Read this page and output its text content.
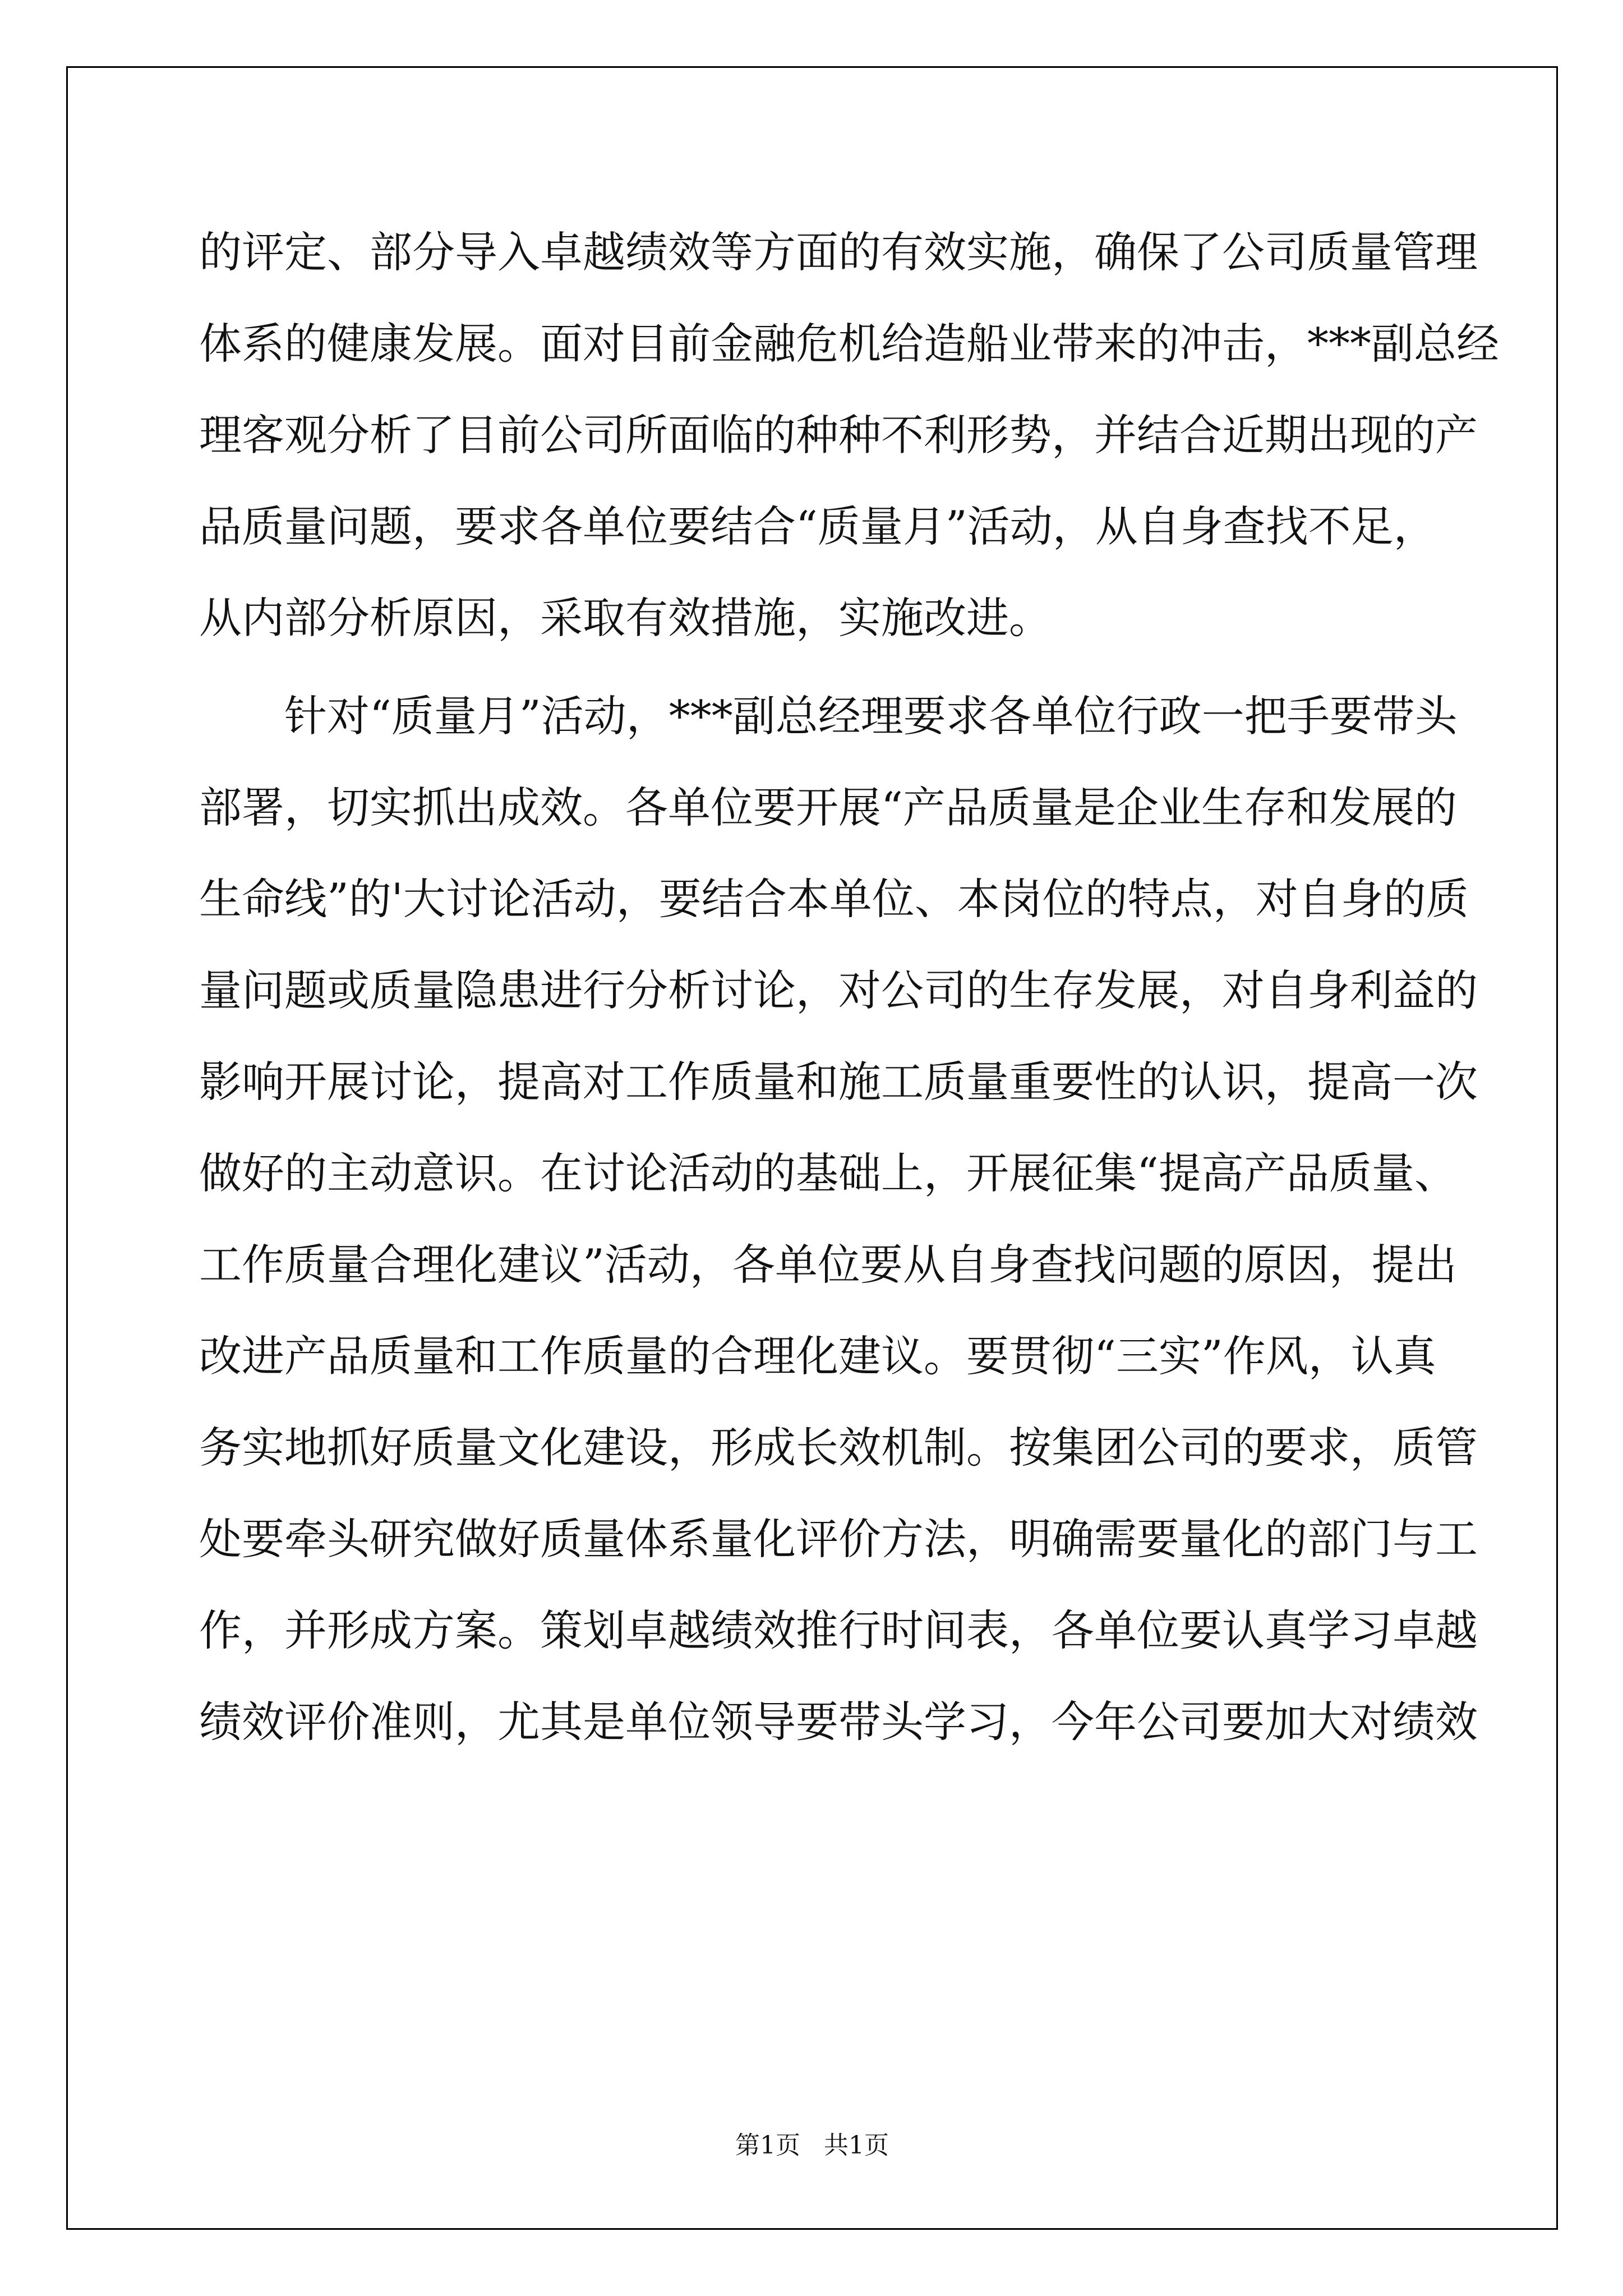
的评定、部分导入卓越绩效等方面的有效实施，确保了公司质量管理
体系的健康发展。面对目前金融危机给造船业带来的冲击，***副总经
理客观分析了目前公司所面临的种种不利形势，并结合近期出现的产
品质量问题，要求各单位要结合“质量月”活动，从自身查找不足，
从内部分析原因，采取有效措施，实施改进。
针对“质量月”活动，***副总经理要求各单位行政一把手要带头
部署，切实抓出成效。各单位要开展“产品质量是企业生存和发展的
生命线”的'大讨论活动，要结合本单位、本岗位的特点，对自身的质
量问题或质量隐患进行分析讨论，对公司的生存发展，对自身利益的
影响开展讨论，提高对工作质量和施工质量重要性的认识，提高一次
做好的主动意识。在讨论活动的基础上，开展征集“提高产品质量、
工作质量合理化建议”活动，各单位要从自身查找问题的原因，提出
改进产品质量和工作质量的合理化建议。要贯彻“三实”作风，认真
务实地抓好质量文化建设，形成长效机制。按集团公司的要求，质管
处要牵头研究做好质量体系量化评价方法，明确需要量化的部门与工
作，并形成方案。策划卓越绩效推行时间表，各单位要认真学习卓越
绩效评价准则，尤其是单位领导要带头学习，今年公司要加大对绩效
第1页   共1页
